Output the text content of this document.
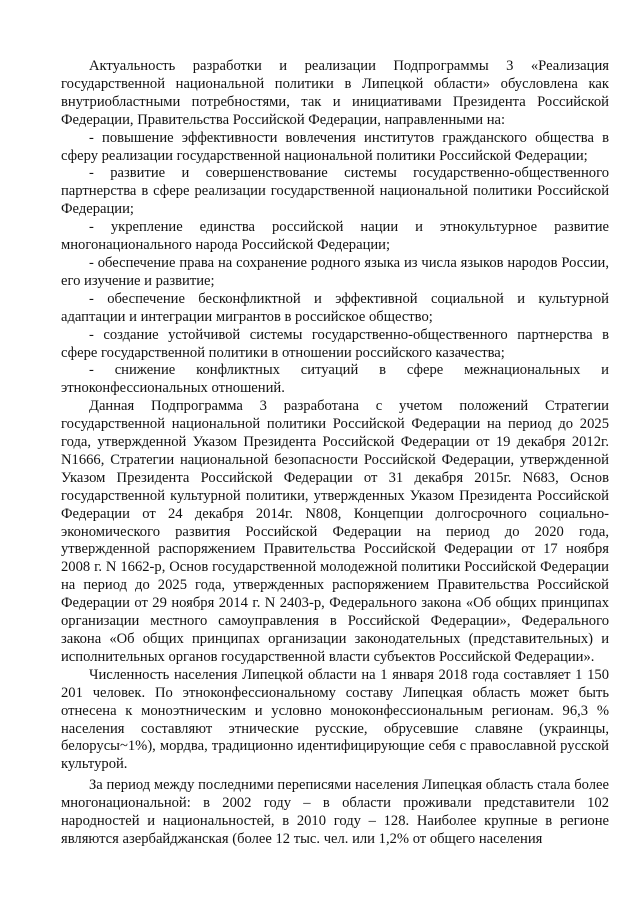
Актуальность разработки и реализации Подпрограммы 3 «Реализация государственной национальной политики в Липецкой области» обусловлена как внутриобластными потребностями, так и инициативами Президента Российской Федерации, Правительства Российской Федерации, направленными на:

- повышение эффективности вовлечения институтов гражданского общества в сферу реализации государственной национальной политики Российской Федерации;

- развитие и совершенствование системы государственно-общественного партнерства в сфере реализации государственной национальной политики Российской Федерации;

- укрепление единства российской нации и этнокультурное развитие многонационального народа Российской Федерации;

- обеспечение права на сохранение родного языка из числа языков народов России, его изучение и развитие;

- обеспечение бесконфликтной и эффективной социальной и культурной адаптации и интеграции мигрантов в российское общество;

- создание устойчивой системы государственно-общественного партнерства в сфере государственной политики в отношении российского казачества;

- снижение конфликтных ситуаций в сфере межнациональных и этноконфессиональных отношений.

Данная Подпрограмма 3 разработана с учетом положений Стратегии государственной национальной политики Российской Федерации на период до 2025 года, утвержденной Указом Президента Российской Федерации от 19 декабря 2012г. N1666, Стратегии национальной безопасности Российской Федерации, утвержденной Указом Президента Российской Федерации от 31 декабря 2015г. N683, Основ государственной культурной политики, утвержденных Указом Президента Российской Федерации от 24 декабря 2014г. N808, Концепции долгосрочного социально-экономического развития Российской Федерации на период до 2020 года, утвержденной распоряжением Правительства Российской Федерации от 17 ноября 2008 г. N 1662-р, Основ государственной молодежной политики Российской Федерации на период до 2025 года, утвержденных распоряжением Правительства Российской Федерации от 29 ноября 2014 г. N 2403-р, Федерального закона «Об общих принципах организации местного самоуправления в Российской Федерации», Федерального закона «Об общих принципах организации законодательных (представительных) и исполнительных органов государственной власти субъектов Российской Федерации».

Численность населения Липецкой области на 1 января 2018 года составляет 1 150 201 человек. По этноконфессиональному составу Липецкая область может быть отнесена к моноэтническим и условно моноконфессиональным регионам. 96,3 % населения составляют этнические русские, обрусевшие славяне (украинцы, белорусы~1%), мордва, традиционно идентифицирующие себя с православной русской культурой.

За период между последними переписями населения Липецкая область стала более многонациональной: в 2002 году – в области проживали представители 102 народностей и национальностей, в 2010 году – 128. Наиболее крупные в регионе являются азербайджанская (более 12 тыс. чел. или 1,2% от общего населения
